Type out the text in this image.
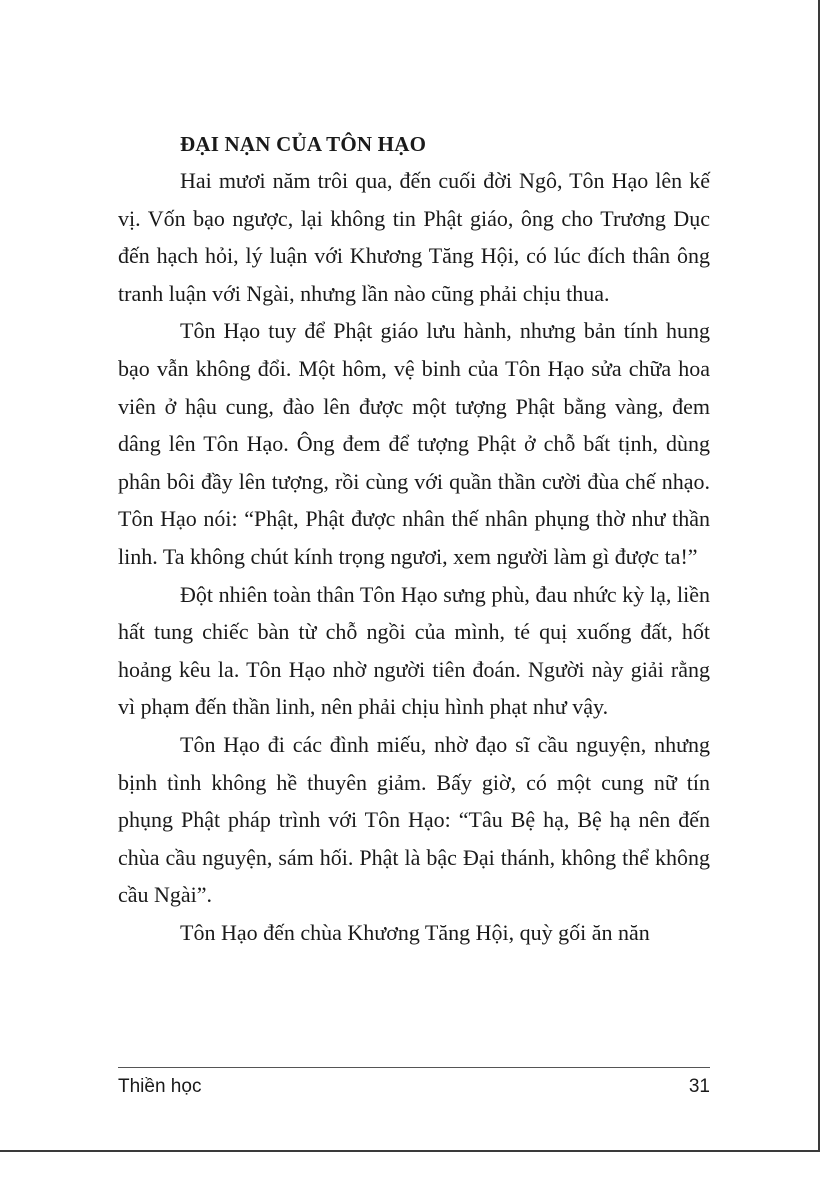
ĐẠI NẠN CỦA TÔN HẠO

Hai mươi năm trôi qua, đến cuối đời Ngô, Tôn Hạo lên kế vị. Vốn bạo ngược, lại không tin Phật giáo, ông cho Trương Dục đến hạch hỏi, lý luận với Khương Tăng Hội, có lúc đích thân ông tranh luận với Ngài, nhưng lần nào cũng phải chịu thua.

Tôn Hạo tuy để Phật giáo lưu hành, nhưng bản tính hung bạo vẫn không đổi. Một hôm, vệ binh của Tôn Hạo sửa chữa hoa viên ở hậu cung, đào lên được một tượng Phật bằng vàng, đem dâng lên Tôn Hạo. Ông đem để tượng Phật ở chỗ bất tịnh, dùng phân bôi đầy lên tượng, rồi cùng với quần thần cười đùa chế nhạo. Tôn Hạo nói: “Phật, Phật được nhân thế nhân phụng thờ như thần linh. Ta không chút kính trọng ngươi, xem người làm gì được ta!”

Đột nhiên toàn thân Tôn Hạo sưng phù, đau nhức kỳ lạ, liền hất tung chiếc bàn từ chỗ ngồi của mình, té quị xuống đất, hốt hoảng kêu la. Tôn Hạo nhờ người tiên đoán. Người này giải rằng vì phạm đến thần linh, nên phải chịu hình phạt như vậy.

Tôn Hạo đi các đình miếu, nhờ đạo sĩ cầu nguyện, nhưng bịnh tình không hề thuyên giảm. Bấy giờ, có một cung nữ tín phụng Phật pháp trình với Tôn Hạo: “Tâu Bệ hạ, Bệ hạ nên đến chùa cầu nguyện, sám hối. Phật là bậc Đại thánh, không thể không cầu Ngài”.

Tôn Hạo đến chùa Khương Tăng Hội, quỳ gối ăn năn

Thiền học	31
